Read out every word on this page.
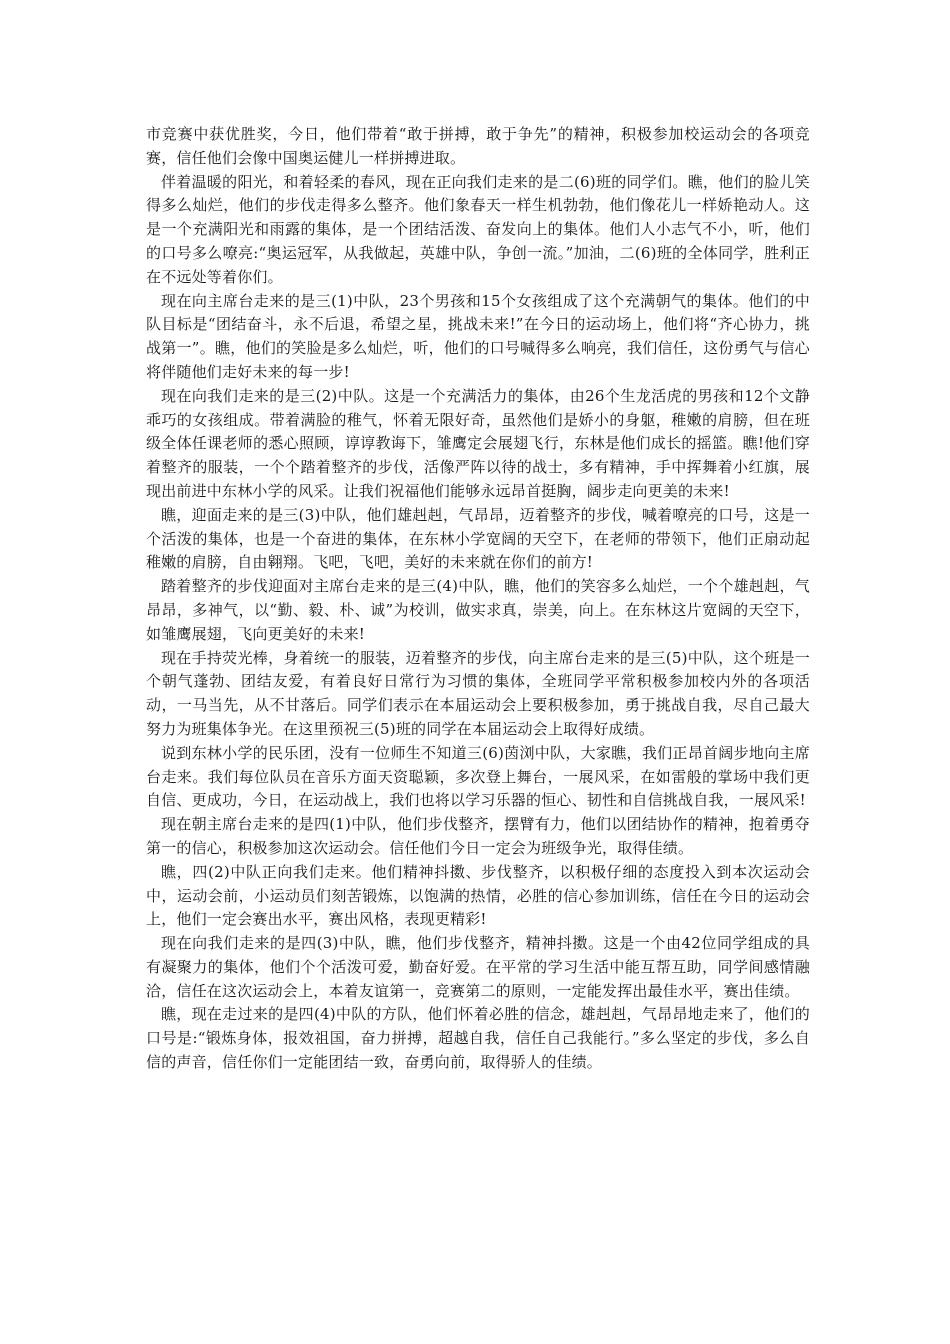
市竞赛中获优胜奖，今日，他们带着“敢于拼搏，敢于争先”的精神，积极参加校运动会的各项竞赛，信任他们会像中国奥运健儿一样拼搏进取。

伴着温暖的阳光，和着轻柔的春风，现在正向我们走来的是二(6)班的同学们。瞧，他们的脸儿笑得多么灿烂，他们的步伐走得多么整齐。他们象春天一样生机勃勃，他们像花儿一样娇艳动人。这是一个充满阳光和雨露的集体，是一个团结活泼、奋发向上的集体。他们人小志气不小，听，他们的口号多么嘹亮:“奥运冠军，从我做起，英雄中队，争创一流。”加油，二(6)班的全体同学，胜利正在不远处等着你们。

现在向主席台走来的是三(1)中队，23个男孩和15个女孩组成了这个充满朝气的集体。他们的中队目标是“团结奋斗，永不后退，希望之星，挑战未来!”在今日的运动场上，他们将“齐心协力，挑战第一”。瞧，他们的笑脸是多么灿烂，听，他们的口号喊得多么响亮，我们信任，这份勇气与信心将伴随他们走好未来的每一步!

现在向我们走来的是三(2)中队。这是一个充满活力的集体，由26个生龙活虎的男孩和12个文静乖巧的女孩组成。带着满脸的稚气，怀着无限好奇，虽然他们是娇小的身躯，稚嫩的肩膀，但在班级全体任课老师的悉心照顾，谆谆教诲下，雏鹰定会展翅飞行，东林是他们成长的摇篮。瞧!他们穿着整齐的服装，一个个踏着整齐的步伐，活像严阵以待的战士，多有精神，手中挥舞着小红旗，展现出前进中东林小学的风采。让我们祝福他们能够永远昂首挺胸，阔步走向更美的未来!

瞧，迎面走来的是三(3)中队，他们雄赳赳，气昂昂，迈着整齐的步伐，喊着嘹亮的口号，这是一个活泼的集体，也是一个奋进的集体，在东林小学宽阔的天空下，在老师的带领下，他们正扇动起稚嫩的肩膀，自由翱翔。飞吧，飞吧，美好的未来就在你们的前方!

踏着整齐的步伐迎面对主席台走来的是三(4)中队，瞧，他们的笑容多么灿烂，一个个雄赳赳，气昂昂，多神气，以“勤、毅、朴、诚”为校训，做实求真，崇美，向上。在东林这片宽阔的天空下，如雏鹰展翅，飞向更美好的未来!

现在手持荧光棒，身着统一的服装，迈着整齐的步伐，向主席台走来的是三(5)中队，这个班是一个朝气蓬勃、团结友爱，有着良好日常行为习惯的集体，全班同学平常积极参加校内外的各项活动，一马当先，从不甘落后。同学们表示在本届运动会上要积极参加，勇于挑战自我，尽自己最大努力为班集体争光。在这里预祝三(5)班的同学在本届运动会上取得好成绩。

说到东林小学的民乐团，没有一位师生不知道三(6)茵浏中队，大家瞧，我们正昂首阔步地向主席台走来。我们每位队员在音乐方面天资聪颖，多次登上舞台，一展风采，在如雷般的掌场中我们更自信、更成功，今日，在运动战上，我们也将以学习乐器的恒心、韧性和自信挑战自我，一展风采!

现在朝主席台走来的是四(1)中队，他们步伐整齐，摆臂有力，他们以团结协作的精神，抱着勇夺第一的信心，积极参加这次运动会。信任他们今日一定会为班级争光，取得佳绩。

瞧，四(2)中队正向我们走来。他们精神抖擞、步伐整齐，以积极仔细的态度投入到本次运动会中，运动会前，小运动员们刻苦锻炼，以饱满的热情，必胜的信心参加训练，信任在今日的运动会上，他们一定会赛出水平，赛出风格，表现更精彩!

现在向我们走来的是四(3)中队，瞧，他们步伐整齐，精神抖擞。这是一个由42位同学组成的具有凝聚力的集体，他们个个活泼可爱，勤奋好爱。在平常的学习生活中能互帮互助，同学间感情融洽，信任在这次运动会上，本着友谊第一，竞赛第二的原则，一定能发挥出最佳水平，赛出佳绩。

瞧，现在走过来的是四(4)中队的方队，他们怀着必胜的信念，雄赳赳，气昂昂地走来了，他们的口号是:“锻炼身体，报效祖国，奋力拼搏，超越自我，信任自己我能行。”多么坚定的步伐，多么自信的声音，信任你们一定能团结一致，奋勇向前，取得骄人的佳绩。
